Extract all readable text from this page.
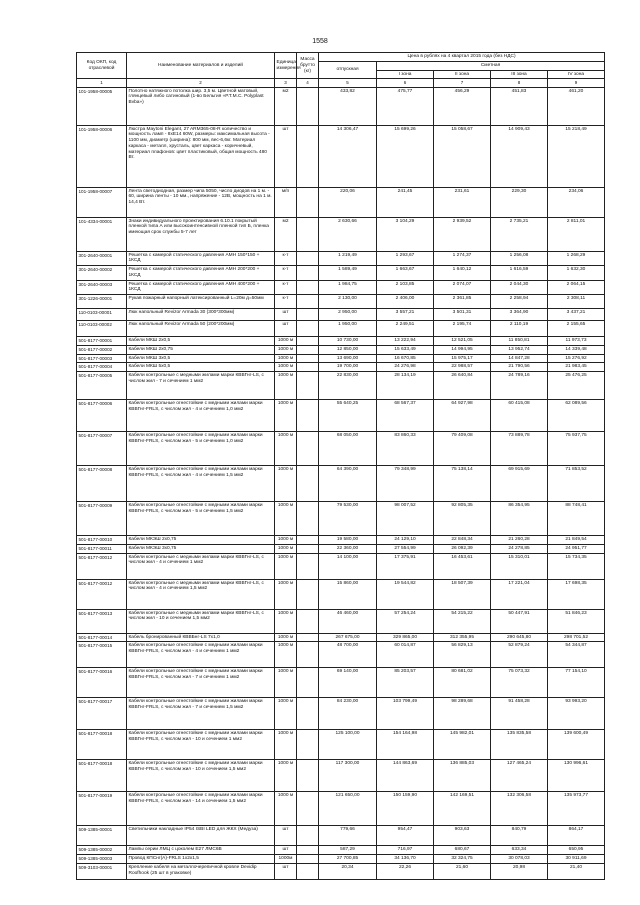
1558
Код ОКП, код отраслевой	Наименование материалов и изделий	Единица измерения	Масса брутто (кг)	Цена в рублях на 4 квартал 2015 года (без НДС)				
				отпускная	Сметная			
					I зона	II зона	III зона	IV зона
1	2	3	4	5	6	7	8	9
101-1958-00005	Полотно натяжного потолка шир. 3,5 м. Цветной матовый, глянцевый либо сатиновый (1-во Бельгия «Р.Т.М.С. Polyplast Bvba»)	м2		433,82	475,77	456,29	451,83	461,20
101-1958-00006	Люстра Maytoni Elegant, 27 ARM365-08-R количество и мощность ламп - 8хЕ14 60W, размеры: максимальная высота - 1100 мм, диаметр (ширина): 800 мм, вес-6,6кг. Материал каркаса - металл, хрусталь, цвет каркаса - коричневый, материал плафонов: цвет пластиковый, общая мощность 480 Вт.	шт		14 306,47	15 699,26	15 058,67	14 909,43	15 218,49
101-1958-00007	Лента светодиодная, размер чипа 5050, число диодов на 1 м. - 60, ширина ленты - 10 мм., напряжение - 12В, мощность на 1 м. 14,4 Вт.	м/п		220,06	241,45	231,61	229,30	234,06
101-4334-00001	Знаки индивидуального проектирования 6.10.1 покрытый пленкой типа А или высокоинтенсивной пленкой тип Б, пленка имеющая срок службы 5-7 лет	м2		2 630,66	3 104,29	2 939,52	2 735,21	2 811,01
301-2640-00001	Решетка с камерой статического давления АМН 150*150 + 1КСД	к-т		1 219,49	1 293,67	1 274,37	1 256,08	1 268,29
301-2640-00002	Решетка с камерой статического давления АМН 200*200 + 1КСД	к-т		1 589,49	1 663,67	1 640,12	1 616,59	1 632,30
301-2640-00003	Решетка с камерой статического давления АМН 400*200 + 1КСД	к-т		1 984,75	2 103,85	2 074,07	2 044,30	2 064,15
301-1226-00001	Рукав пожарный напорный латексированный L=20м д=50мм	к-т		2 130,00	2 406,00	2 361,85	2 258,94	2 308,11
110-0103-00001	Люк напольный Revizor Armada 30 (300*300мм)	шт		2 950,00	3 557,21	3 501,31	3 364,90	3 437,21
110-0103-00002	Люк напольный Revizor Armada 50 (200*200мм)	шт		1 950,00	2 249,51	2 195,74	2 110,19	2 155,65
501-8177-00001	Кабели МКШ 2х0,5	1000 м		10 730,00	13 222,94	12 521,05	11 850,81	11 973,73
501-8177-00002	Кабели МКШ 2х0,75	1000 м		12 850,00	15 633,49	14 994,95	13 952,74	14 339,48
501-8177-00003	Кабели МКШ 3х0,5	1000 м		13 690,00	16 670,85	15 975,17	14 847,28	15 276,92
501-8177-00004	Кабели МКШ 5х0,5	1000 м		19 700,00	24 276,98	22 988,57	21 790,56	21 983,45
501-8177-00005	Кабели контрольные с медными жилами марки КВВГнг-LS, с числом жил - 7 и сечением 1 мм2	1000 м		22 830,00	28 134,19	26 640,84	24 789,16	25 476,25
501-8177-00006	Кабели контрольные огнестойкие с медными жилами марки КВВГнг-FRLS, с числом жил - 4 и сечением 1,0 мм2	1000 м		55 640,25	68 567,37	64 927,98	60 415,08	62 089,56
501-8177-00007	Кабели контрольные огнестойкие с медными жилами марки КВВГнг-FRLS, с числом жил - 5 и сечением 1,0 мм2	1000 м		68 050,00	83 860,33	79 409,08	73 889,78	75 937,75
501-8177-00008	Кабели контрольные огнестойкие с медными жилами марки КВВГнг-FRLS, с числом жил - 4 и сечением 1,5 мм2	1000 м		64 390,00	79 348,99	75 138,14	69 915,69	71 853,52
501-8177-00009	Кабели контрольные огнестойкие с медными жилами марки КВВГнг-FRLS, с числом жил - 5 и сечением 1,5 мм2	1000 м		79 530,00	98 007,52	92 805,35	86 354,95	88 748,41
501-8177-00010	Кабели МКЭШ 2х0,75	1000 м		19 580,00	24 129,10	22 848,34	21 260,28	21 849,54
501-8177-00011	Кабели МКЭШ 3х0,75	1000 м		22 360,00	27 554,99	26 092,39	24 278,85	24 951,77
501-8177-00012	Кабели контрольные с медными жилами марки КВВГнг-LS, с числом жил - 4 и сечением 1 мм2	1000 м		14 100,00	17 375,91	16 453,61	15 310,01	15 734,35
501-8177-00012	Кабели контрольные с медными жилами марки КВВГнг-LS, с числом жил - 4 и сечением 1,5 мм2	1000 м		15 860,00	19 544,82	18 507,39	17 221,04	17 698,35
501-8177-00013	Кабели контрольные с медными жилами марки КВВГнг-LS, с числом жил - 10 и сечением 1,5 мм2	1000 м		46 460,00	57 254,24	54 215,22	50 447,91	51 846,23
501-8177-00014	Кабель бронированный КВВБнг-LS 7х1,0	1000 м		267 675,00	329 865,00	312 355,95	290 645,80	298 701,52
501-8177-00015	Кабели контрольные огнестойкие с медными жилами марки КВВГнг-FRLS, с числом жил - 4 и сечением 1 мм2	1000 м		48 700,00	60 014,87	56 829,13	52 879,24	54 344,87
501-8177-00016	Кабели контрольные огнестойкие с медными жилами марки КВВГнг-FRLS, с числом жил - 7 и сечением 1 мм2	1000 м		69 140,00	85 203,57	80 681,02	75 073,32	77 154,10
501-8177-00017	Кабели контрольные огнестойкие с медными жилами марки КВВГнг-FRLS, с числом жил - 7 и сечением 1,5 мм2	1000 м		84 230,00	103 799,49	98 289,68	91 458,28	93 993,20
501-8177-00018	Кабели контрольные огнестойкие с медными жилами марки КВВГнг-FRLS, с числом жил - 10 и сечением 1 мм2	1000 м		125 100,00	154 164,98	145 982,01	135 835,58	139 600,49
501-8177-00018	Кабели контрольные огнестойкие с медными жилами марки КВВГнг-FRLS, с числом жил - 10 и сечением 1,5 мм2	1000 м		117 300,00	144 863,69	136 885,03	127 465,24	130 996,61
501-8177-00019	Кабели контрольные огнестойкие с медными жилами марки КВВГнг-FRLS, с числом жил - 14 и сечением 1,5 мм2	1000 м		121 650,00	150 159,90	142 169,51	132 306,58	135 973,77
509-1385-00001	Светильники накладные IP54 ISBI LED для ЖКХ (Медуза)	шт		779,66	954,47	903,63	840,79	864,17
509-1385-00002	Лампы серии ЛМЦ с цоколем Е27 ЛМС6В	шт		587,29	716,97	680,67	633,34	650,95
509-1385-00003	Провод КПСнг(А)-FRLS 1х2х1,5	1000м		27 700,85	34 136,70	32 324,75	30 078,03	30 911,69
509-3103-00001	Крепление кабеля на металлочерепичной кровле Devidip Roofhook (25 шт в упаковке)	шт		20,34	22,26	21,60	20,98	21,40
